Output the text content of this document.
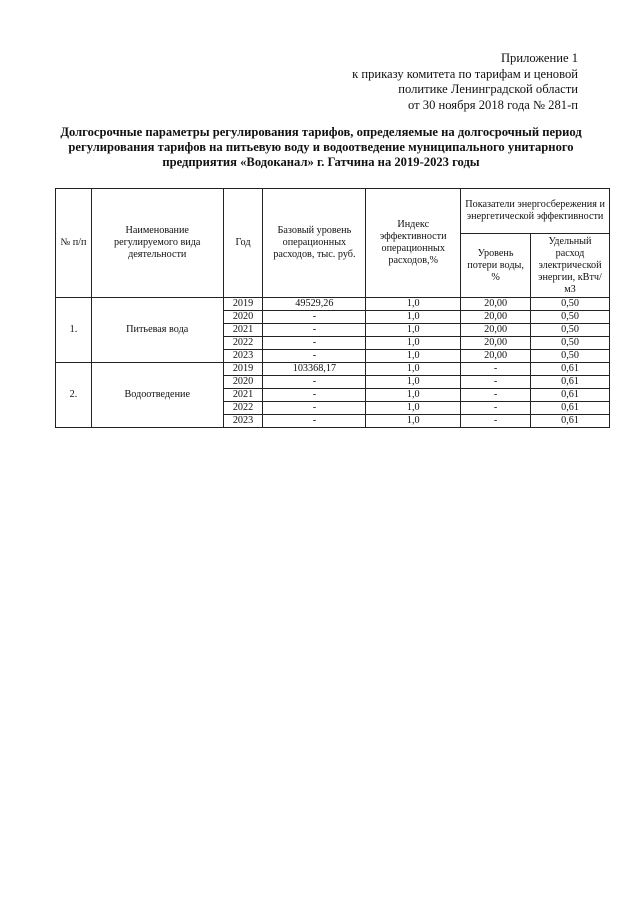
Приложение 1
к приказу комитета по тарифам и ценовой
политике Ленинградской области
от 30 ноября 2018 года № 281-п
Долгосрочные параметры регулирования тарифов, определяемые на долгосрочный период
регулирования тарифов на питьевую воду и водоотведение муниципального унитарного
предприятия «Водоканал» г. Гатчина на 2019-2023 годы
№ п/п	Наименование регулируемого вида деятельности	Год	Базовый уровень операционных расходов, тыс. руб.	Индекс эффективности операционных расходов,%	Показатели энергосбережения и энергетической эффективности	
					Уровень потери воды, %	Удельный расход электрической энергии, кВтч/м3
1.	Питьевая вода	2019	49529,26	1,0	20,00	0,50
		2020	-	1,0	20,00	0,50
		2021	-	1,0	20,00	0,50
		2022	-	1,0	20,00	0,50
		2023	-	1,0	20,00	0,50
2.	Водоотведение	2019	103368,17	1,0	-	0,61
		2020	-	1,0	-	0,61
		2021	-	1,0	-	0,61
		2022	-	1,0	-	0,61
		2023	-	1,0	-	0,61
